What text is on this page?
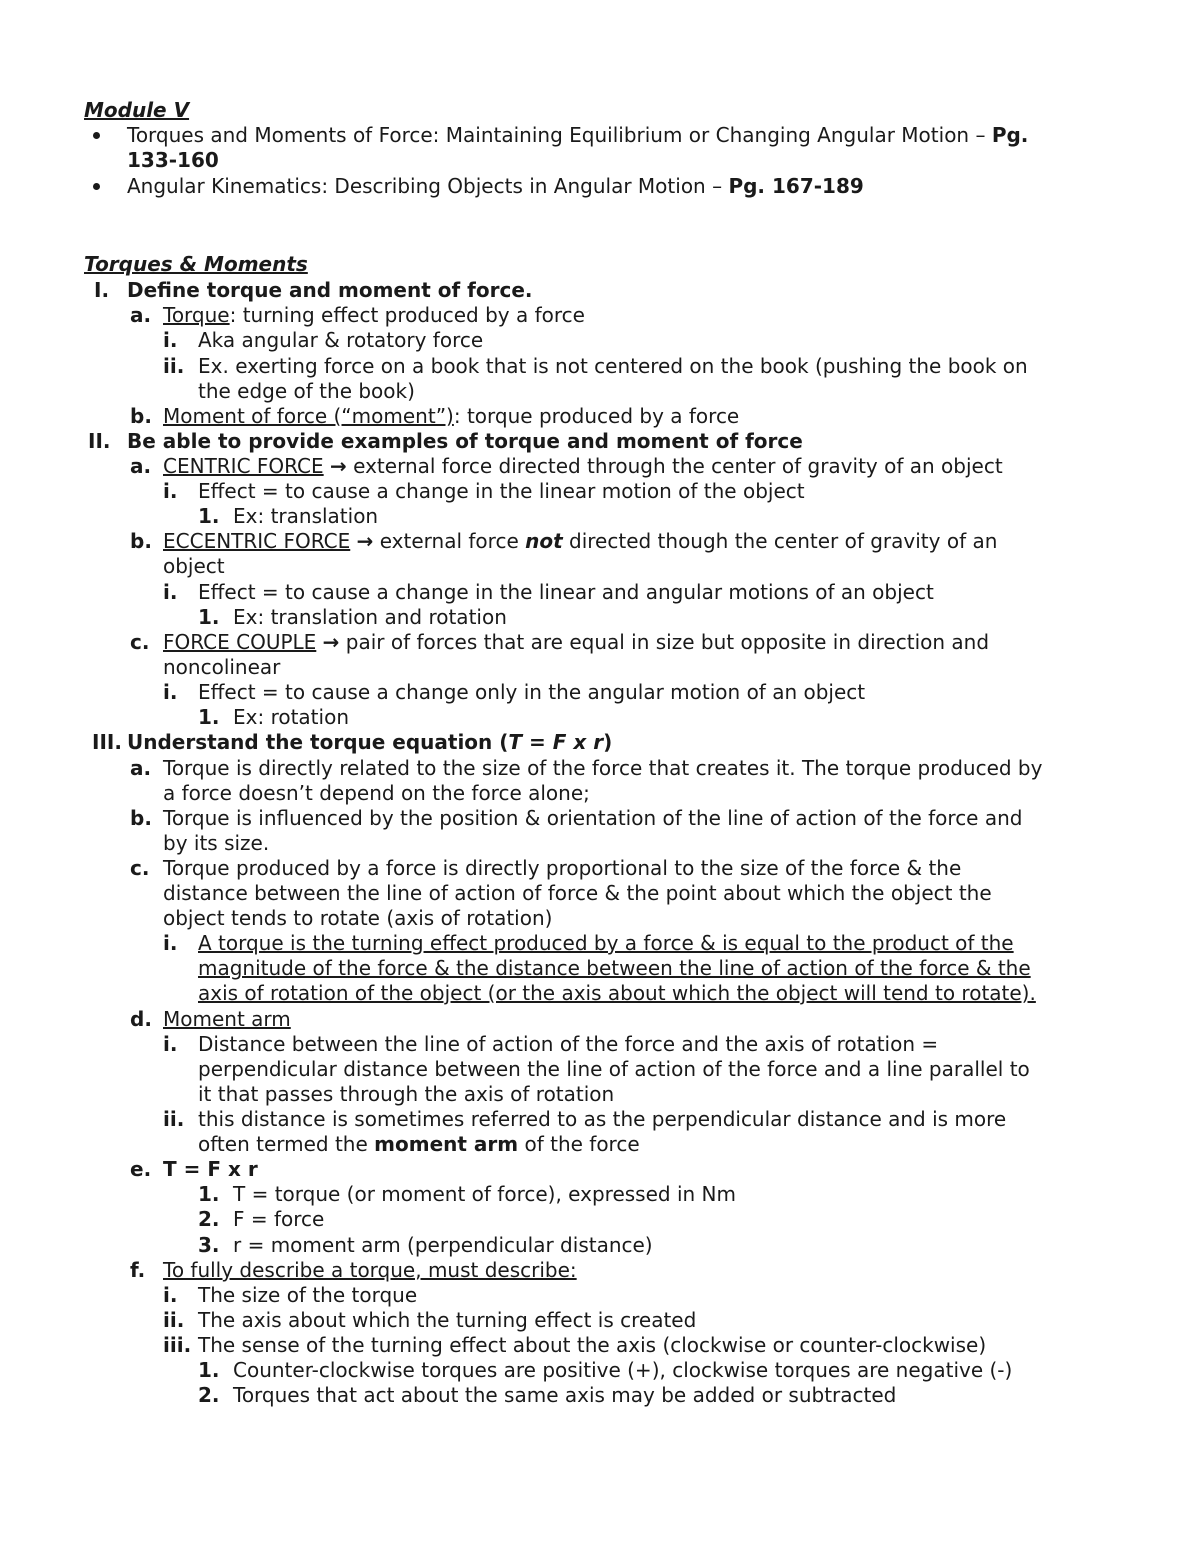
Module V
Torques and Moments of Force: Maintaining Equilibrium or Changing Angular Motion – Pg.
133-160
Angular Kinematics: Describing Objects in Angular Motion – Pg. 167-189
Torques & Moments
I. Define torque and moment of force.
a. Torque: turning effect produced by a force
i. Aka angular & rotatory force
ii. Ex. exerting force on a book that is not centered on the book (pushing the book on
the edge of the book)
b. Moment of force (“moment”): torque produced by a force
II. Be able to provide examples of torque and moment of force
a. CENTRIC FORCE → external force directed through the center of gravity of an object
i. Effect = to cause a change in the linear motion of the object
1. Ex: translation
b. ECCENTRIC FORCE → external force not directed though the center of gravity of an
object
i. Effect = to cause a change in the linear and angular motions of an object
1. Ex: translation and rotation
c. FORCE COUPLE → pair of forces that are equal in size but opposite in direction and
noncolinear
i. Effect = to cause a change only in the angular motion of an object
1. Ex: rotation
III. Understand the torque equation (T = F x r)
a. Torque is directly related to the size of the force that creates it. The torque produced by
a force doesn’t depend on the force alone;
b. Torque is influenced by the position & orientation of the line of action of the force and
by its size.
c. Torque produced by a force is directly proportional to the size of the force & the
distance between the line of action of force & the point about which the object the
object tends to rotate (axis of rotation)
i. A torque is the turning effect produced by a force & is equal to the product of the
magnitude of the force & the distance between the line of action of the force & the
axis of rotation of the object (or the axis about which the object will tend to rotate).
d. Moment arm
i. Distance between the line of action of the force and the axis of rotation =
perpendicular distance between the line of action of the force and a line parallel to
it that passes through the axis of rotation
ii. this distance is sometimes referred to as the perpendicular distance and is more
often termed the moment arm of the force
e. T = F x r
1. T = torque (or moment of force), expressed in Nm
2. F = force
3. r = moment arm (perpendicular distance)
f. To fully describe a torque, must describe:
i. The size of the torque
ii. The axis about which the turning effect is created
iii. The sense of the turning effect about the axis (clockwise or counter-clockwise)
1. Counter-clockwise torques are positive (+), clockwise torques are negative (-)
2. Torques that act about the same axis may be added or subtracted
